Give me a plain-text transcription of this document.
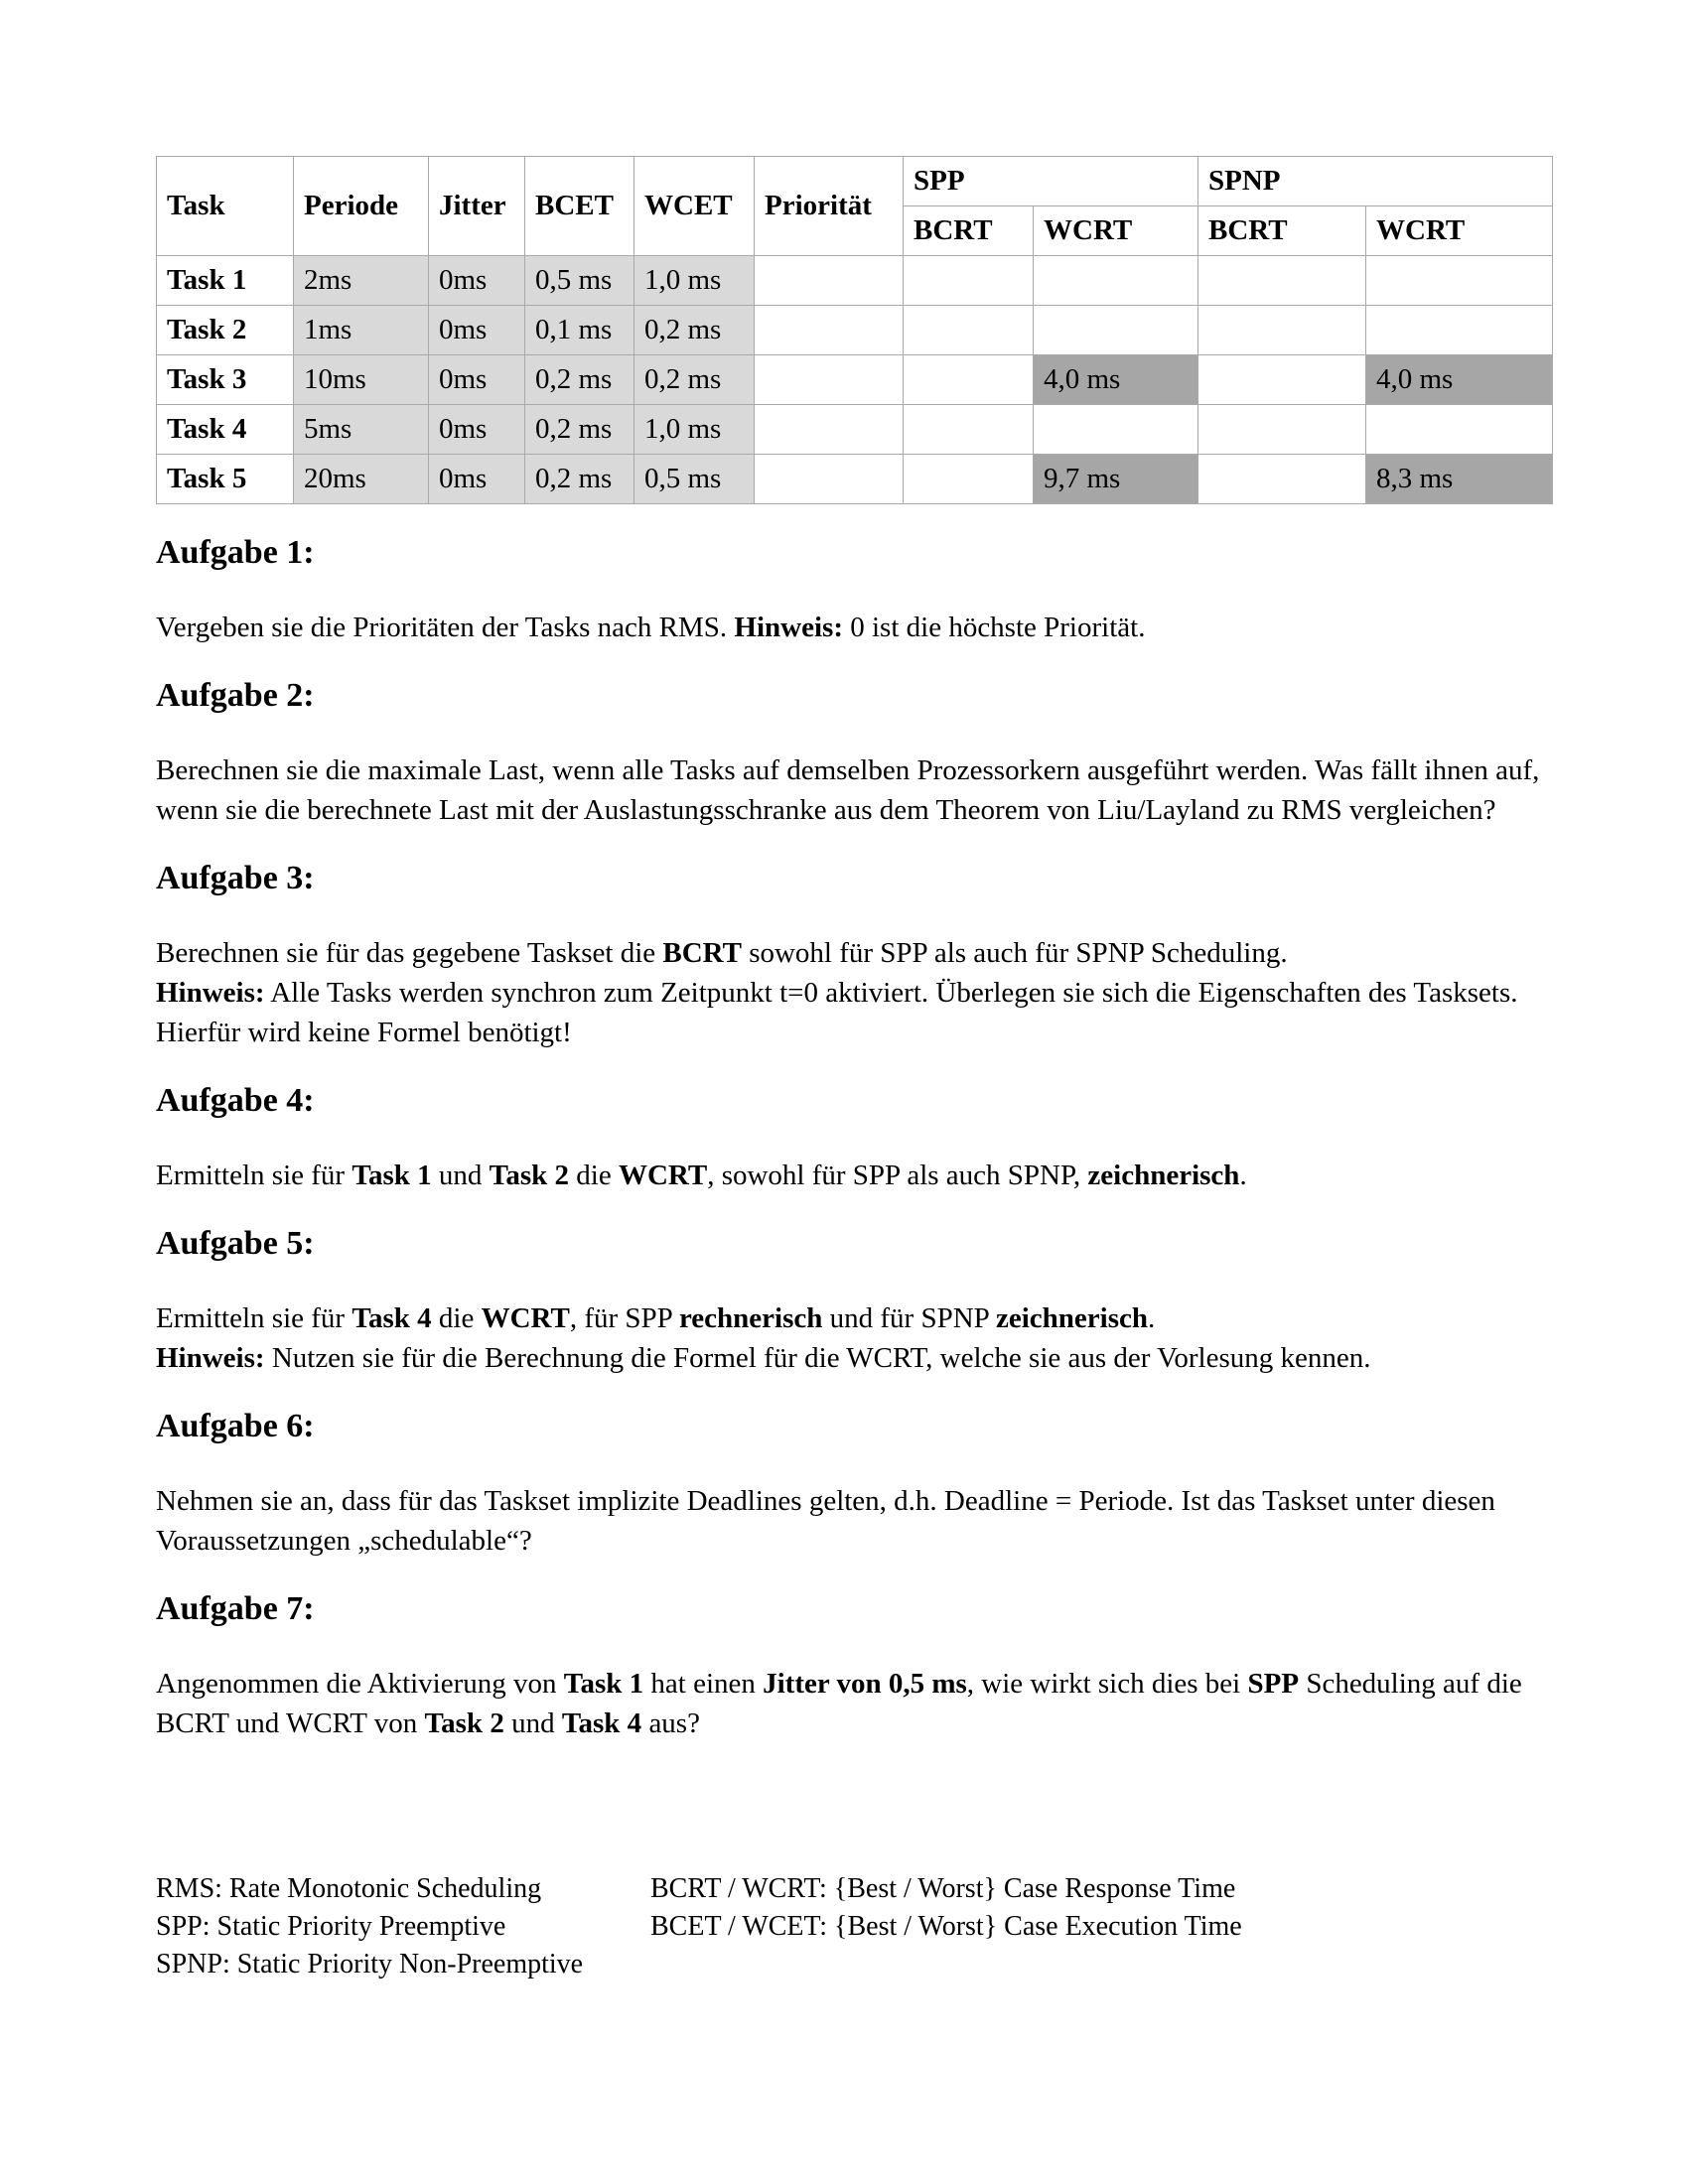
Task	Periode	Jitter	BCET	WCET	Priorität	SPP		SPNP	
						BCRT	WCRT	BCRT	WCRT
Task 1	2ms	0ms	0,5 ms	1,0 ms					
Task 2	1ms	0ms	0,1 ms	0,2 ms					
Task 3	10ms	0ms	0,2 ms	0,2 ms			4,0 ms		4,0 ms
Task 4	5ms	0ms	0,2 ms	1,0 ms					
Task 5	20ms	0ms	0,2 ms	0,5 ms			9,7 ms		8,3 ms
Aufgabe 1:

Vergeben sie die Prioritäten der Tasks nach RMS. Hinweis: 0 ist die höchste Priorität.

Aufgabe 2:

Berechnen sie die maximale Last, wenn alle Tasks auf demselben Prozessorkern ausgeführt werden. Was fällt ihnen auf, wenn sie die berechnete Last mit der Auslastungsschranke aus dem Theorem von Liu/Layland zu RMS vergleichen?

Aufgabe 3:

Berechnen sie für das gegebene Taskset die BCRT sowohl für SPP als auch für SPNP Scheduling.
Hinweis: Alle Tasks werden synchron zum Zeitpunkt t=0 aktiviert. Überlegen sie sich die Eigenschaften des Tasksets. Hierfür wird keine Formel benötigt!

Aufgabe 4:

Ermitteln sie für Task 1 und Task 2 die WCRT, sowohl für SPP als auch SPNP, zeichnerisch.

Aufgabe 5:

Ermitteln sie für Task 4 die WCRT, für SPP rechnerisch und für SPNP zeichnerisch.
Hinweis: Nutzen sie für die Berechnung die Formel für die WCRT, welche sie aus der Vorlesung kennen.

Aufgabe 6:

Nehmen sie an, dass für das Taskset implizite Deadlines gelten, d.h. Deadline = Periode. Ist das Taskset unter diesen Voraussetzungen „schedulable“?

Aufgabe 7:

Angenommen die Aktivierung von Task 1 hat einen Jitter von 0,5 ms, wie wirkt sich dies bei SPP Scheduling auf die BCRT und WCRT von Task 2 und Task 4 aus?

RMS: Rate Monotonic Scheduling
SPP: Static Priority Preemptive
SPNP: Static Priority Non-Preemptive
BCRT / WCRT: {Best / Worst} Case Response Time
BCET / WCET: {Best / Worst} Case Execution Time
